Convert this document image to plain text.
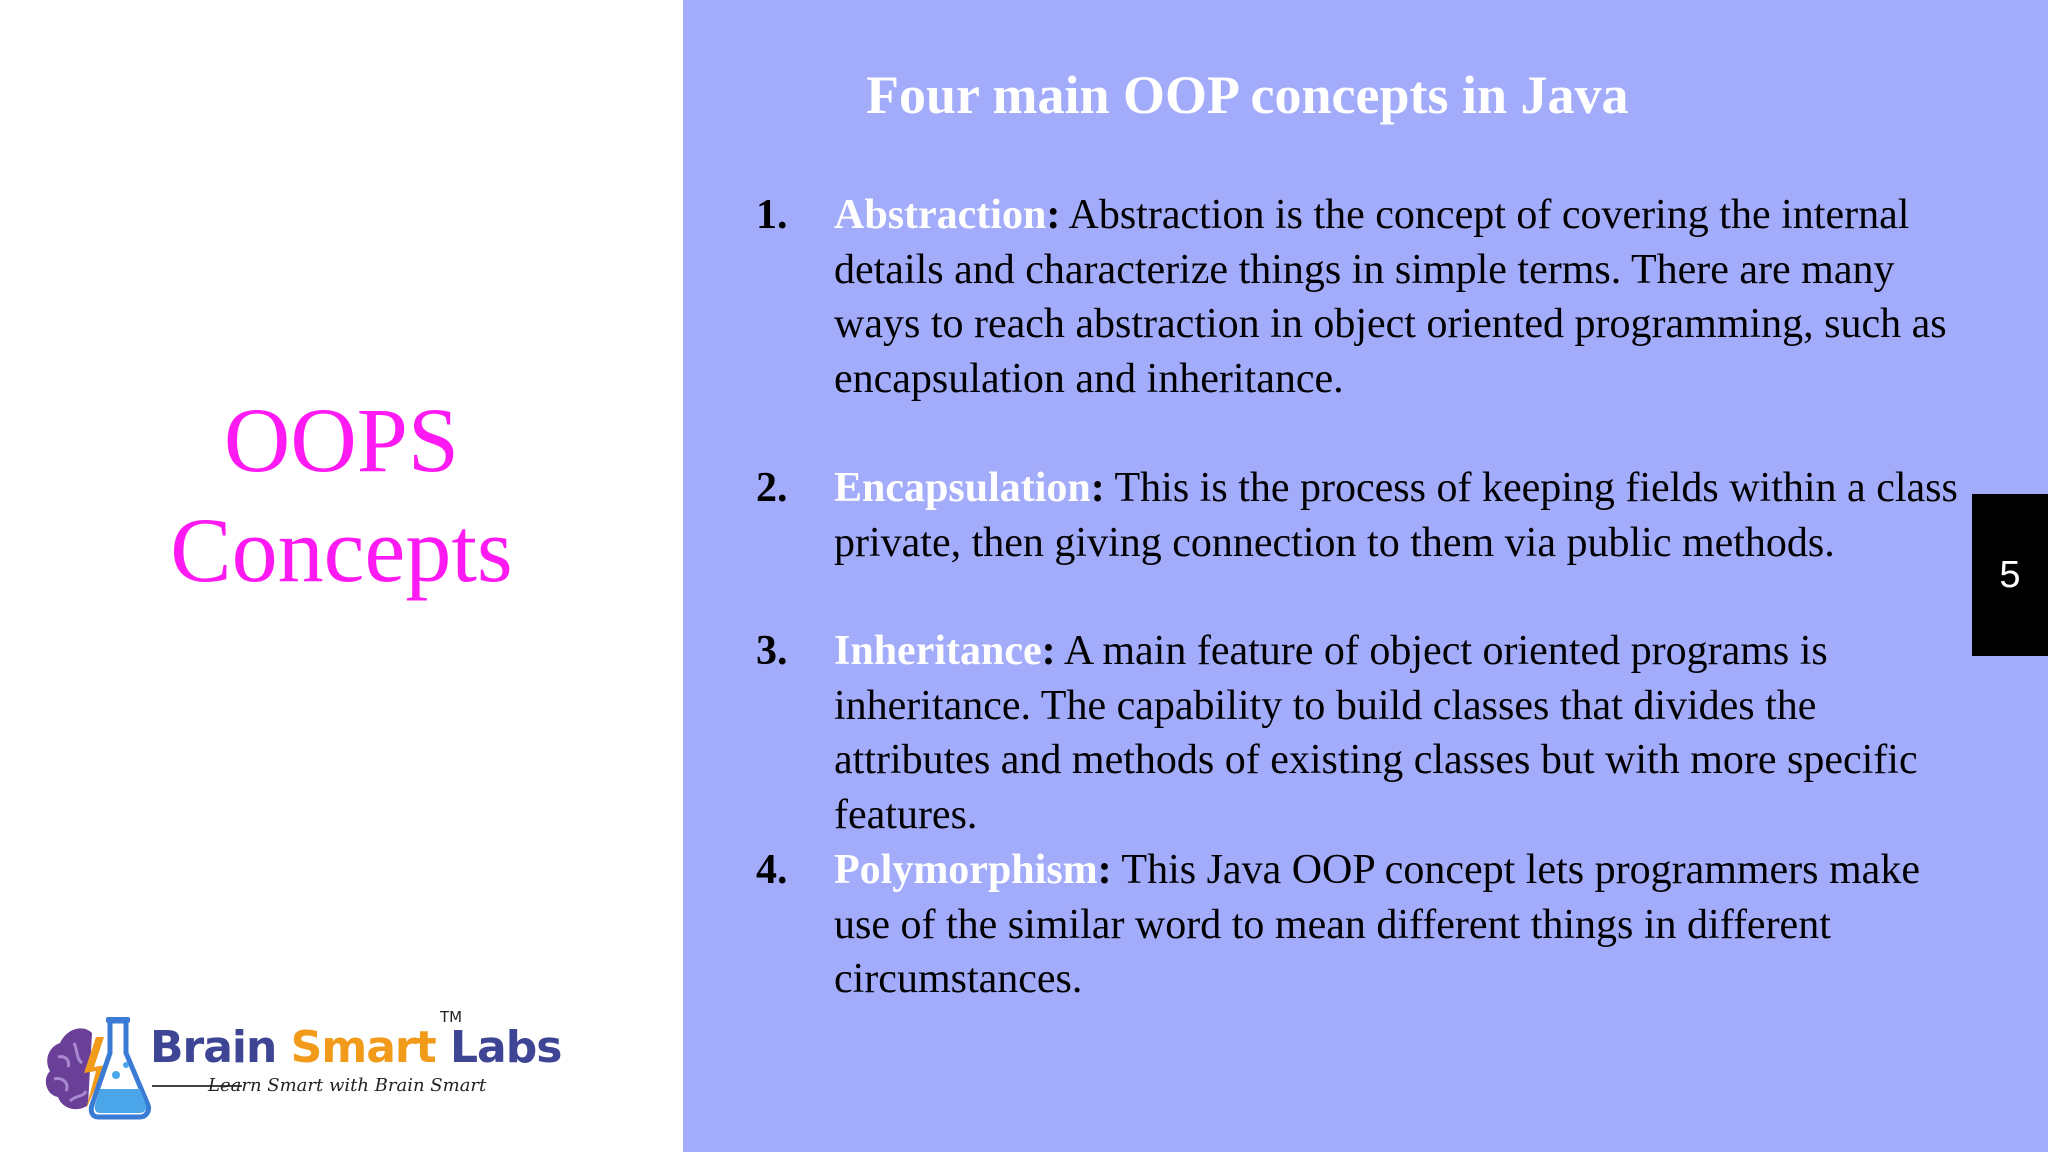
OOPS
Concepts
Brain Smart Labs
TM
Learn Smart with Brain Smart
Four main OOP concepts in Java
1. Abstraction: Abstraction is the concept of covering the internal details and characterize things in simple terms. There are many ways to reach abstraction in object oriented programming, such as encapsulation and inheritance.
2. Encapsulation: This is the process of keeping fields within a class private, then giving connection to them via public methods.
3. Inheritance: A main feature of object oriented programs is inheritance. The capability to build classes that divides the attributes and methods of existing classes but with more specific features.
4. Polymorphism: This Java OOP concept lets programmers make use of the similar word to mean different things in different circumstances.
5
